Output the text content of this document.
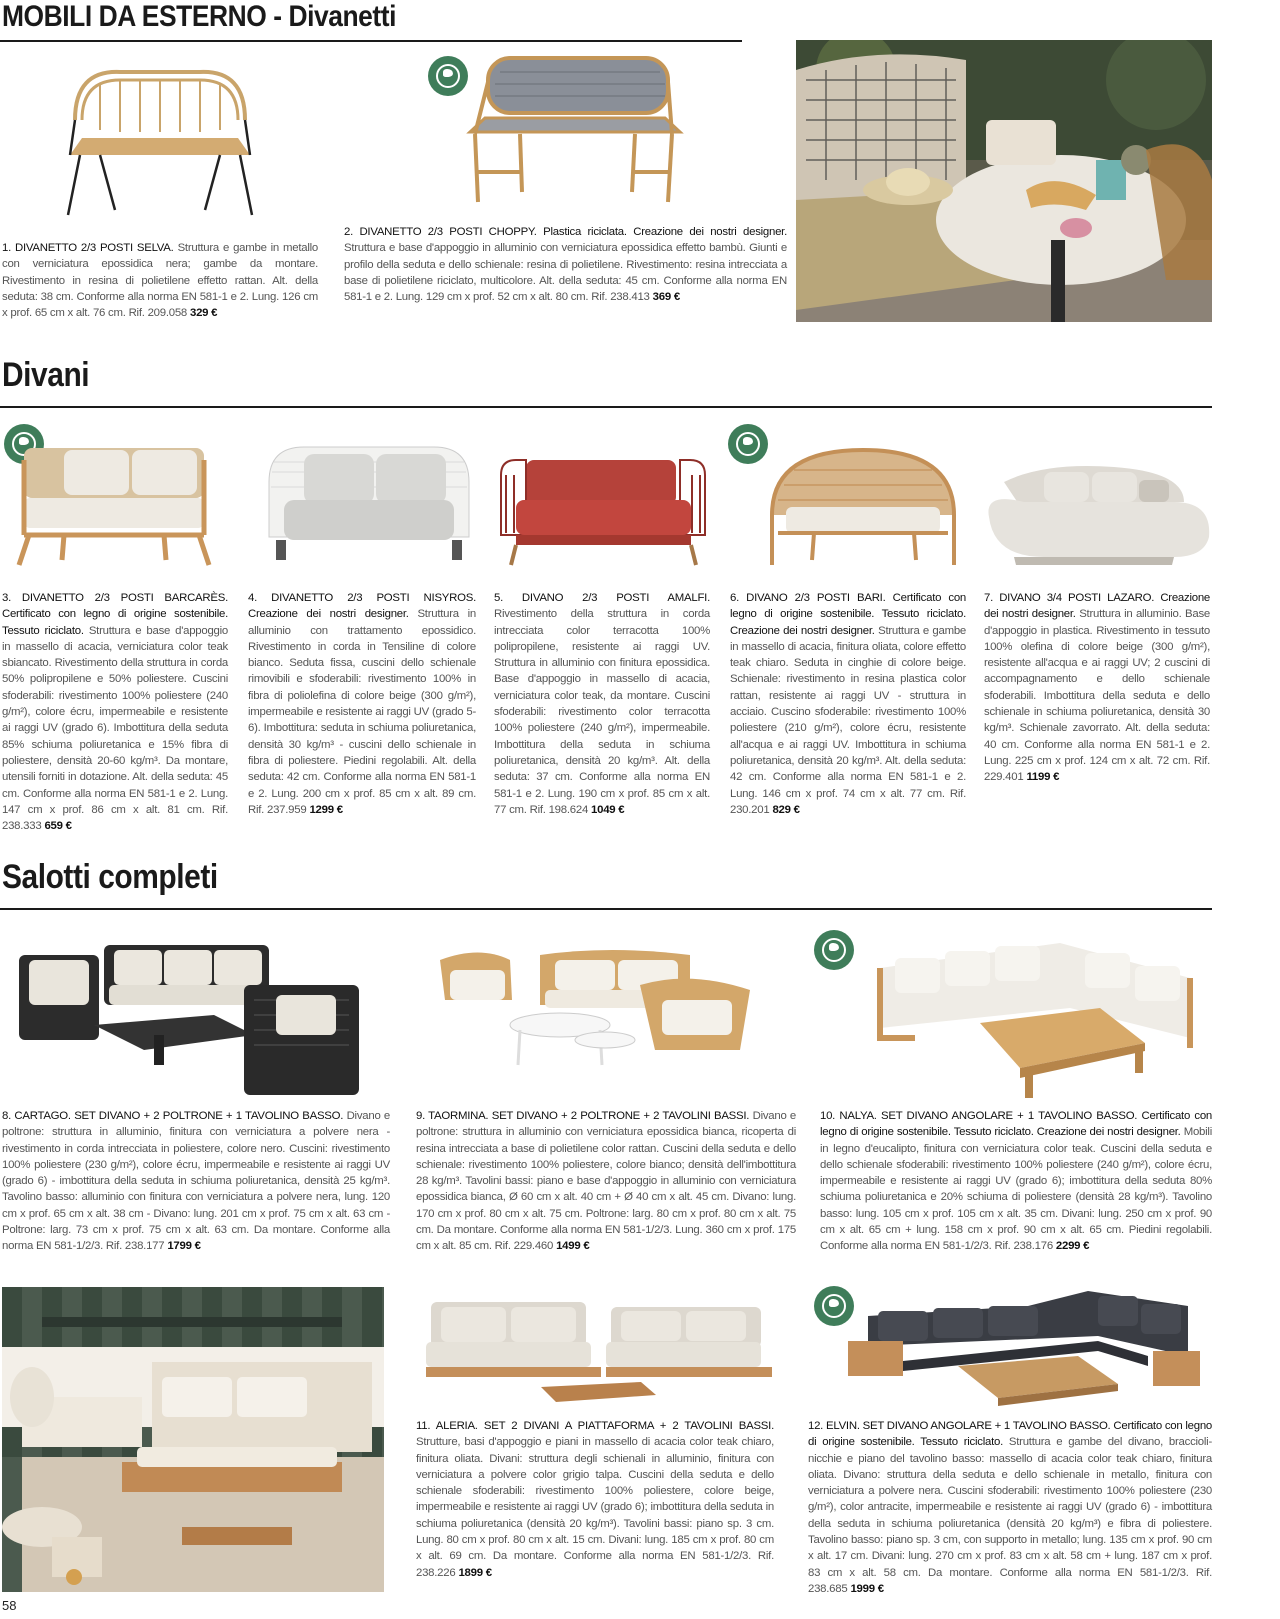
MOBILI DA ESTERNO - Divanetti
Divani
Salotti completi
1. DIVANETTO 2/3 POSTI SELVA. Struttura e gambe in metallo con verniciatura epossidica nera; gambe da montare. Rivestimento in resina di polietilene effetto rattan. Alt. della seduta: 38 cm. Conforme alla norma EN 581-1 e 2. Lung. 126 cm x prof. 65 cm x alt. 76 cm. Rif. 209.058 329 €
2. DIVANETTO 2/3 POSTI CHOPPY. Plastica riciclata. Creazione dei nostri designer. Struttura e base d'appoggio in alluminio con verniciatura epossidica effetto bambù. Giunti e profilo della seduta e dello schienale: resina di polietilene. Rivestimento: resina intrecciata a base di polietilene riciclato, multicolore. Alt. della seduta: 45 cm. Conforme alla norma EN 581-1 e 2. Lung. 129 cm x prof. 52 cm x alt. 80 cm. Rif. 238.413 369 €
3. DIVANETTO 2/3 POSTI BARCARÈS. Certificato con legno di origine sostenibile. Tessuto riciclato. Struttura e base d'appoggio in massello di acacia, verniciatura color teak sbiancato. Rivestimento della struttura in corda 50% polipropilene e 50% poliestere. Cuscini sfoderabili: rivestimento 100% poliestere (240 g/m²), colore écru, impermeabile e resistente ai raggi UV (grado 6). Imbottitura della seduta 85% schiuma poliuretanica e 15% fibra di poliestere, densità 20-60 kg/m³. Da montare, utensili forniti in dotazione. Alt. della seduta: 45 cm. Conforme alla norma EN 581-1 e 2. Lung. 147 cm x prof. 86 cm x alt. 81 cm. Rif. 238.333 659 €
4. DIVANETTO 2/3 POSTI NISYROS. Creazione dei nostri designer. Struttura in alluminio con trattamento epossidico. Rivestimento in corda in Tensiline di colore bianco. Seduta fissa, cuscini dello schienale rimovibili e sfoderabili: rivestimento 100% in fibra di poliolefina di colore beige (300 g/m²), impermeabile e resistente ai raggi UV (grado 5-6). Imbottitura: seduta in schiuma poliuretanica, densità 30 kg/m³ - cuscini dello schienale in fibra di poliestere. Piedini regolabili. Alt. della seduta: 42 cm. Conforme alla norma EN 581-1 e 2. Lung. 200 cm x prof. 85 cm x alt. 89 cm. Rif. 237.959 1299 €
5. DIVANO 2/3 POSTI AMALFI. Rivestimento della struttura in corda intrecciata color terracotta 100% polipropilene, resistente ai raggi UV. Struttura in alluminio con finitura epossidica. Base d'appoggio in massello di acacia, verniciatura color teak, da montare. Cuscini sfoderabili: rivestimento color terracotta 100% poliestere (240 g/m²), impermeabile. Imbottitura della seduta in schiuma poliuretanica, densità 20 kg/m³. Alt. della seduta: 37 cm. Conforme alla norma EN 581-1 e 2. Lung. 190 cm x prof. 85 cm x alt. 77 cm. Rif. 198.624 1049 €
6. DIVANO 2/3 POSTI BARI. Certificato con legno di origine sostenibile. Tessuto riciclato. Creazione dei nostri designer. Struttura e gambe in massello di acacia, finitura oliata, colore effetto teak chiaro. Seduta in cinghie di colore beige. Schienale: rivestimento in resina plastica color rattan, resistente ai raggi UV - struttura in acciaio. Cuscino sfoderabile: rivestimento 100% poliestere (210 g/m²), colore écru, resistente all'acqua e ai raggi UV. Imbottitura in schiuma poliuretanica, densità 20 kg/m³. Alt. della seduta: 42 cm. Conforme alla norma EN 581-1 e 2. Lung. 146 cm x prof. 74 cm x alt. 77 cm. Rif. 230.201 829 €
7. DIVANO 3/4 POSTI LAZARO. Creazione dei nostri designer. Struttura in alluminio. Base d'appoggio in plastica. Rivestimento in tessuto 100% olefina di colore beige (300 g/m²), resistente all'acqua e ai raggi UV; 2 cuscini di accompagnamento e dello schienale sfoderabili. Imbottitura della seduta e dello schienale in schiuma poliuretanica, densità 30 kg/m³. Schienale zavorrato. Alt. della seduta: 40 cm. Conforme alla norma EN 581-1 e 2. Lung. 225 cm x prof. 124 cm x alt. 72 cm. Rif. 229.401 1199 €
8. CARTAGO. SET DIVANO + 2 POLTRONE + 1 TAVOLINO BASSO. Divano e poltrone: struttura in alluminio, finitura con verniciatura a polvere nera - rivestimento in corda intrecciata in poliestere, colore nero. Cuscini: rivestimento 100% poliestere (230 g/m²), colore écru, impermeabile e resistente ai raggi UV (grado 6) - imbottitura della seduta in schiuma poliuretanica, densità 25 kg/m³. Tavolino basso: alluminio con finitura con verniciatura a polvere nera, lung. 120 cm x prof. 65 cm x alt. 38 cm - Divano: lung. 201 cm x prof. 75 cm x alt. 63 cm - Poltrone: larg. 73 cm x prof. 75 cm x alt. 63 cm. Da montare. Conforme alla norma EN 581-1/2/3. Rif. 238.177 1799 €
9. TAORMINA. SET DIVANO + 2 POLTRONE + 2 TAVOLINI BASSI. Divano e poltrone: struttura in alluminio con verniciatura epossidica bianca, ricoperta di resina intrecciata a base di polietilene color rattan. Cuscini della seduta e dello schienale: rivestimento 100% poliestere, colore bianco; densità dell'imbottitura 28 kg/m³. Tavolini bassi: piano e base d'appoggio in alluminio con verniciatura epossidica bianca, Ø 60 cm x alt. 40 cm + Ø 40 cm x alt. 45 cm. Divano: lung. 170 cm x prof. 80 cm x alt. 75 cm. Poltrone: larg. 80 cm x prof. 80 cm x alt. 75 cm. Da montare. Conforme alla norma EN 581-1/2/3. Lung. 360 cm x prof. 175 cm x alt. 85 cm. Rif. 229.460 1499 €
10. NALYA. SET DIVANO ANGOLARE + 1 TAVOLINO BASSO. Certificato con legno di origine sostenibile. Tessuto riciclato. Creazione dei nostri designer. Mobili in legno d'eucalipto, finitura con verniciatura color teak. Cuscini della seduta e dello schienale sfoderabili: rivestimento 100% poliestere (240 g/m²), colore écru, impermeabile e resistente ai raggi UV (grado 6); imbottitura della seduta 80% schiuma poliuretanica e 20% schiuma di poliestere (densità 28 kg/m³). Tavolino basso: lung. 105 cm x prof. 105 cm x alt. 35 cm. Divani: lung. 250 cm x prof. 90 cm x alt. 65 cm + lung. 158 cm x prof. 90 cm x alt. 65 cm. Piedini regolabili. Conforme alla norma EN 581-1/2/3. Rif. 238.176 2299 €
11. ALERIA. SET 2 DIVANI A PIATTAFORMA + 2 TAVOLINI BASSI. Strutture, basi d'appoggio e piani in massello di acacia color teak chiaro, finitura oliata. Divani: struttura degli schienali in alluminio, finitura con verniciatura a polvere color grigio talpa. Cuscini della seduta e dello schienale sfoderabili: rivestimento 100% poliestere, colore beige, impermeabile e resistente ai raggi UV (grado 6); imbottitura della seduta in schiuma poliuretanica (densità 20 kg/m³). Tavolini bassi: piano sp. 3 cm. Lung. 80 cm x prof. 80 cm x alt. 15 cm. Divani: lung. 185 cm x prof. 80 cm x alt. 69 cm. Da montare. Conforme alla norma EN 581-1/2/3. Rif. 238.226 1899 €
12. ELVIN. SET DIVANO ANGOLARE + 1 TAVOLINO BASSO. Certificato con legno di origine sostenibile. Tessuto riciclato. Struttura e gambe del divano, braccioli-nicchie e piano del tavolino basso: massello di acacia color teak chiaro, finitura oliata. Divano: struttura della seduta e dello schienale in metallo, finitura con verniciatura a polvere nera. Cuscini sfoderabili: rivestimento 100% poliestere (230 g/m²), color antracite, impermeabile e resistente ai raggi UV (grado 6) - imbottitura della seduta in schiuma poliuretanica (densità 20 kg/m³) e fibra di poliestere. Tavolino basso: piano sp. 3 cm, con supporto in metallo; lung. 135 cm x prof. 90 cm x alt. 17 cm. Divani: lung. 270 cm x prof. 83 cm x alt. 58 cm + lung. 187 cm x prof. 83 cm x alt. 58 cm. Da montare. Conforme alla norma EN 581-1/2/3. Rif. 238.685 1999 €
58
